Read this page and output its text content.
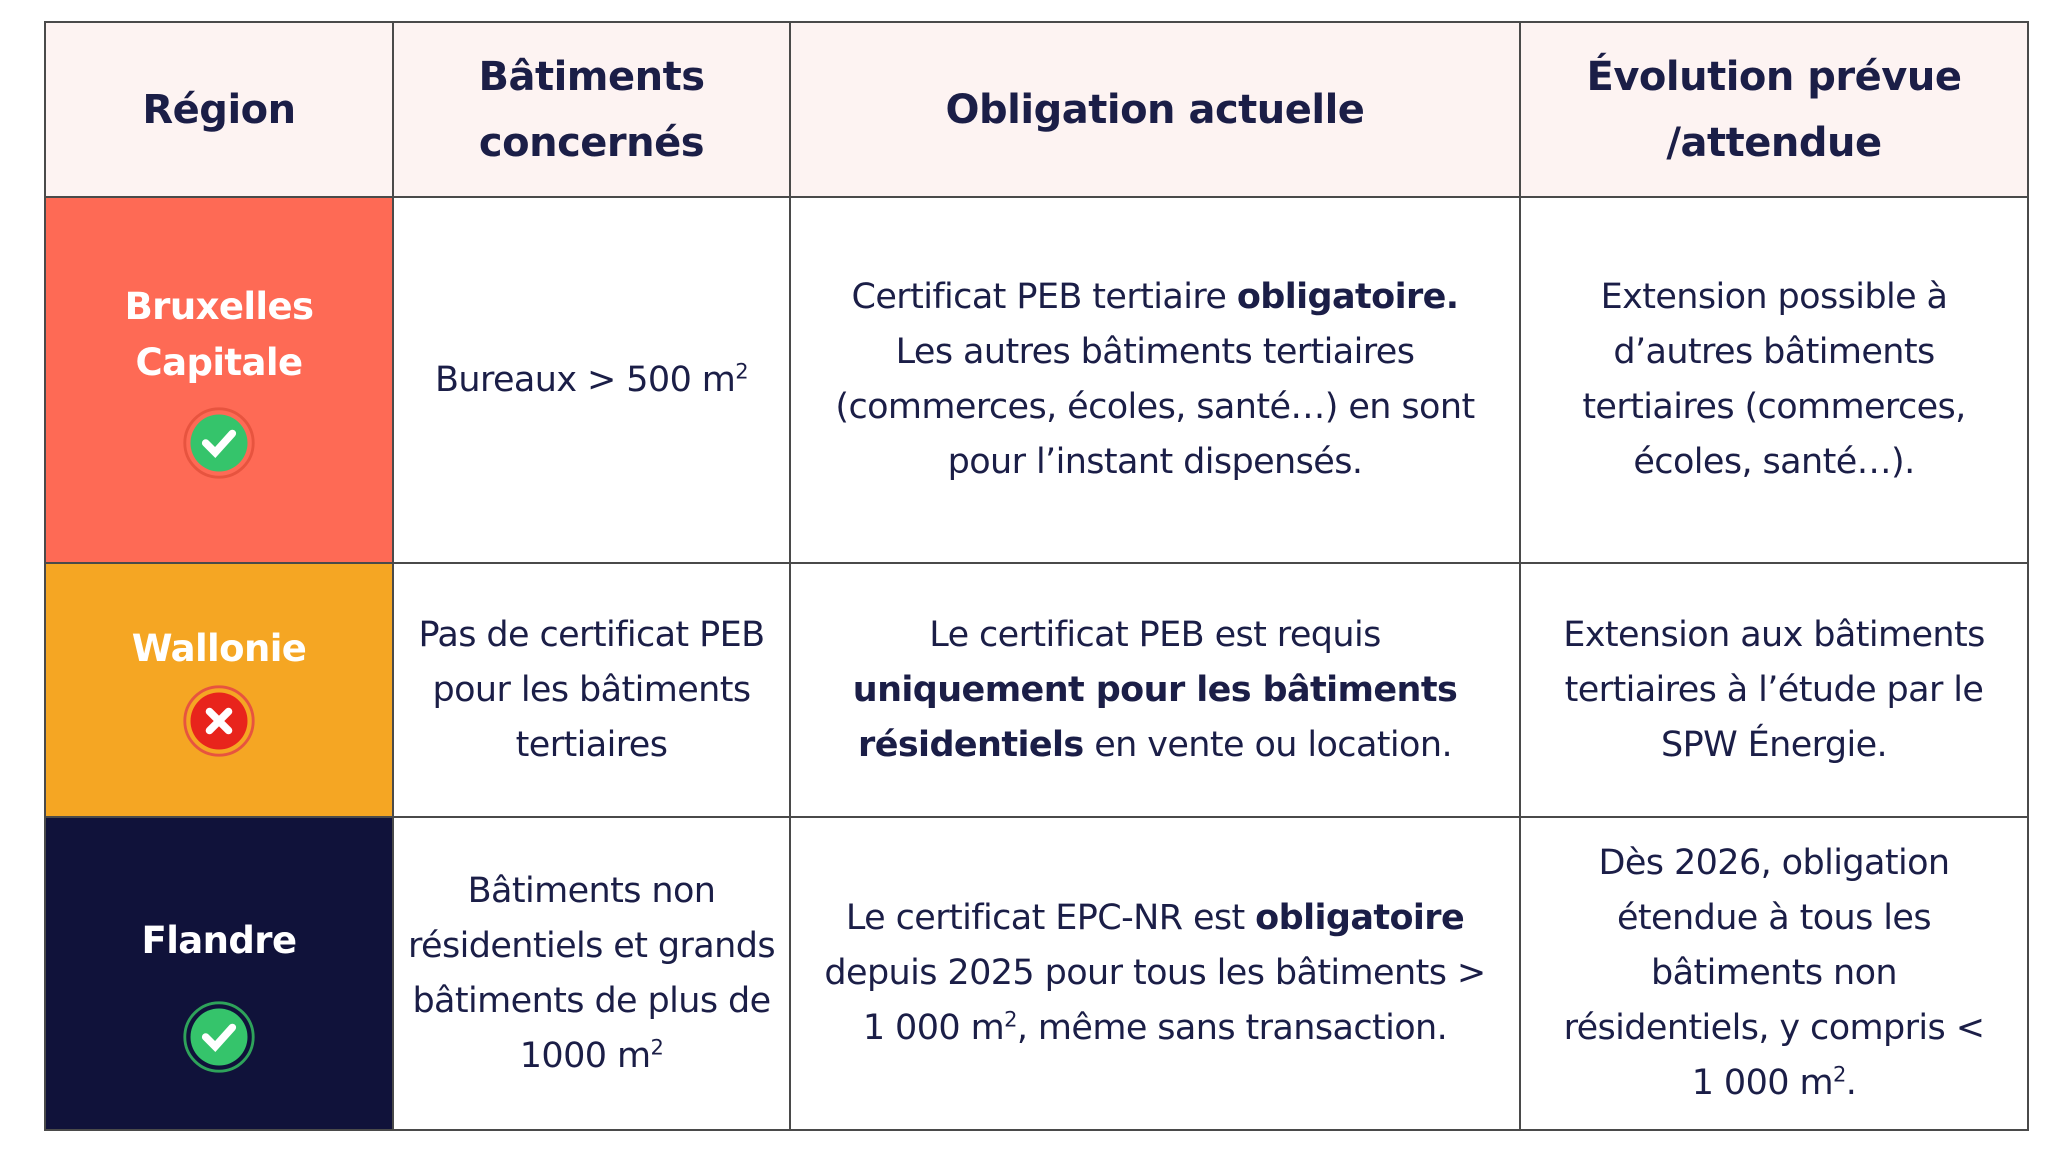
Région	Bâtiments concernés	Obligation actuelle	Évolution prévue /attendue

Bruxelles Capitale	Bureaux > 500 $m^2$	Certificat PEB tertiaire obligatoire. Les autres bâtiments tertiaires (commerces, écoles, santé…) en sont pour l’instant dispensés.	Extension possible à d’autres bâtiments tertiaires (commerces, écoles, santé…).

Wallonie	Pas de certificat PEB pour les bâtiments tertiaires	Le certificat PEB est requis uniquement pour les bâtiments résidentiels en vente ou location.	Extension aux bâtiments tertiaires à l’étude par le SPW Énergie.

Flandre	Bâtiments non résidentiels et grands bâtiments de plus de 1000 $m^2$	Le certificat EPC-NR est obligatoire depuis 2025 pour tous les bâtiments > 1 000 $m^2$, même sans transaction.	Dès 2026, obligation étendue à tous les bâtiments non résidentiels, y compris < 1 000 $m^2$.
